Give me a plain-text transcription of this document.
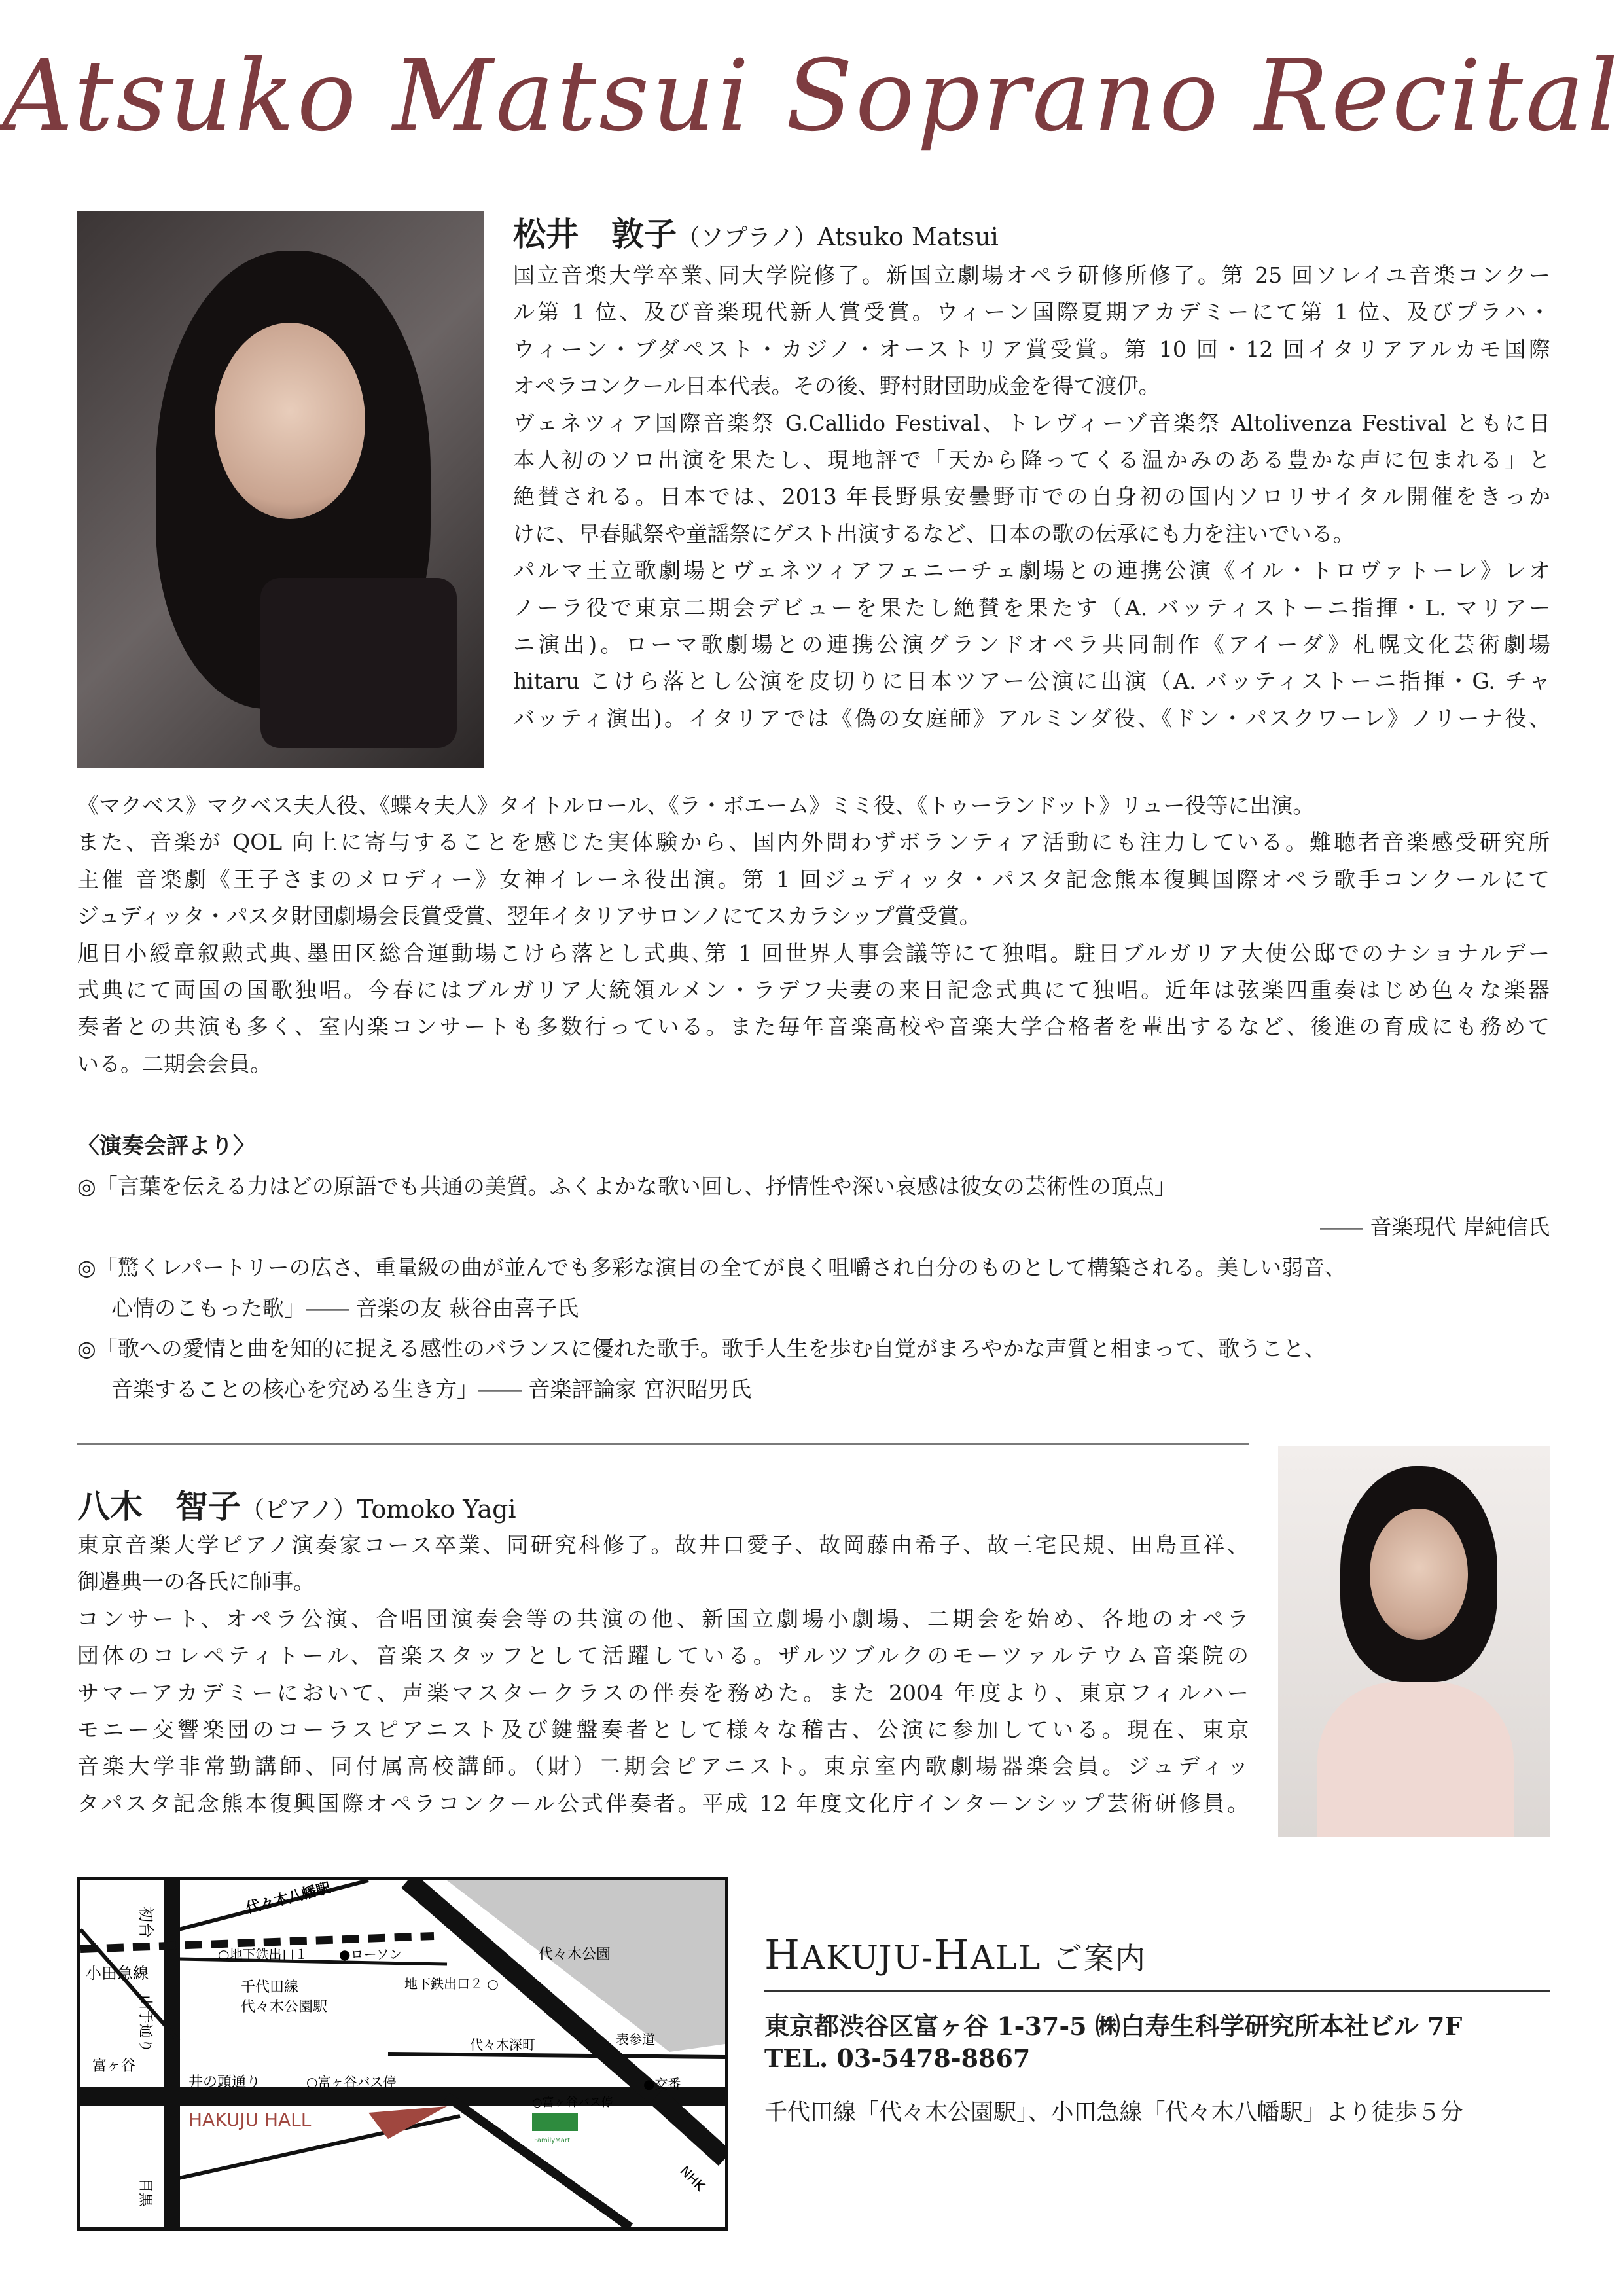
Atsuko Matsui Soprano Recital
松井　敦子（ソプラノ）Atsuko Matsui
国立音楽大学卒業､同大学院修了。新国立劇場オペラ研修所修了。第 25 回ソレイユ音楽コンクー
ル第 1 位、及び音楽現代新人賞受賞。ウィーン国際夏期アカデミーにて第 1 位、及びプラハ・
ウィーン・ブダペスト・カジノ・オーストリア賞受賞。第 10 回・12 回イタリアアルカモ国際
オペラコンクール日本代表。その後、野村財団助成金を得て渡伊。
ヴェネツィア国際音楽祭 G.Callido Festival、トレヴィーゾ音楽祭 Altolivenza Festival ともに日
本人初のソロ出演を果たし、現地評で「天から降ってくる温かみのある豊かな声に包まれる」と
絶賛される。日本では、2013 年長野県安曇野市での自身初の国内ソロリサイタル開催をきっか
けに、早春賦祭や童謡祭にゲスト出演するなど、日本の歌の伝承にも力を注いでいる。
パルマ王立歌劇場とヴェネツィアフェニーチェ劇場との連携公演《イル・トロヴァトーレ》レオ
ノーラ役で東京二期会デビューを果たし絶賛を果たす（A. バッティストーニ指揮・L. マリアー
ニ演出)。ローマ歌劇場との連携公演グランドオペラ共同制作《アイーダ》札幌文化芸術劇場
hitaru こけら落とし公演を皮切りに日本ツアー公演に出演（A. バッティストーニ指揮・G. チャ
バッティ演出)。イタリアでは《偽の女庭師》アルミンダ役、《ドン・パスクワーレ》ノリーナ役、
《マクベス》マクベス夫人役、《蝶々夫人》タイトルロール、《ラ・ボエーム》ミミ役、《トゥーランドット》リュー役等に出演。
また、音楽が QOL 向上に寄与することを感じた実体験から、国内外問わずボランティア活動にも注力している。難聴者音楽感受研究所
主催 音楽劇《王子さまのメロディー》女神イレーネ役出演。第 1 回ジュディッタ・パスタ記念熊本復興国際オペラ歌手コンクールにて
ジュディッタ・パスタ財団劇場会長賞受賞、翌年イタリアサロンノにてスカラシップ賞受賞。
旭日小綬章叙勲式典､墨田区総合運動場こけら落とし式典､第 1 回世界人事会議等にて独唱。駐日ブルガリア大使公邸でのナショナルデー
式典にて両国の国歌独唱。今春にはブルガリア大統領ルメン・ラデフ夫妻の来日記念式典にて独唱。近年は弦楽四重奏はじめ色々な楽器
奏者との共演も多く、室内楽コンサートも多数行っている。また毎年音楽高校や音楽大学合格者を輩出するなど、後進の育成にも務めて
いる。二期会会員。
〈演奏会評より〉
◎「言葉を伝える力はどの原語でも共通の美質。ふくよかな歌い回し、抒情性や深い哀感は彼女の芸術性の頂点」
―― 音楽現代 岸純信氏
◎「驚くレパートリーの広さ、重量級の曲が並んでも多彩な演目の全てが良く咀嚼され自分のものとして構築される。美しい弱音、
心情のこもった歌」―― 音楽の友 萩谷由喜子氏
◎「歌への愛情と曲を知的に捉える感性のバランスに優れた歌手。歌手人生を歩む自覚がまろやかな声質と相まって、歌うこと、
音楽することの核心を究める生き方」―― 音楽評論家 宮沢昭男氏
八木　智子（ピアノ）Tomoko Yagi
東京音楽大学ピアノ演奏家コース卒業、同研究科修了。故井口愛子、故岡藤由希子、故三宅民規、田島亘祥、
御邉典一の各氏に師事。
コンサート、オペラ公演、合唱団演奏会等の共演の他、新国立劇場小劇場、二期会を始め、各地のオペラ
団体のコレペティトール、音楽スタッフとして活躍している。ザルツブルクのモーツァルテウム音楽院の
サマーアカデミーにおいて、声楽マスタークラスの伴奏を務めた。また 2004 年度より、東京フィルハー
モニー交響楽団のコーラスピアニスト及び鍵盤奏者として様々な稽古、公演に参加している。現在、東京
音楽大学非常勤講師、同付属高校講師。（財）二期会ピアニスト。東京室内歌劇場器楽会員。ジュディッ
タパスタ記念熊本復興国際オペラコンクール公式伴奏者。平成 12 年度文化庁インターンシップ芸術研修員。
初台
小田急線
代々木八幡駅
○地下鉄出口１ ●ローソン	代々木公園
地下鉄出口２ ○
千代田線
代々木公園駅
山手通り
富ヶ谷
井の頭通り	○富ヶ谷バス停
代々木深町	表参道
●交番
○富ヶ谷バス停
HAKUJU HALL
FamilyMart
NHK
目黒
HAKUJU-HALL ご案内
東京都渋谷区富ヶ谷 1-37-5 ㈱白寿生科学研究所本社ビル 7F
TEL. 03-5478-8867
千代田線「代々木公園駅」、小田急線「代々木八幡駅」より徒歩５分
